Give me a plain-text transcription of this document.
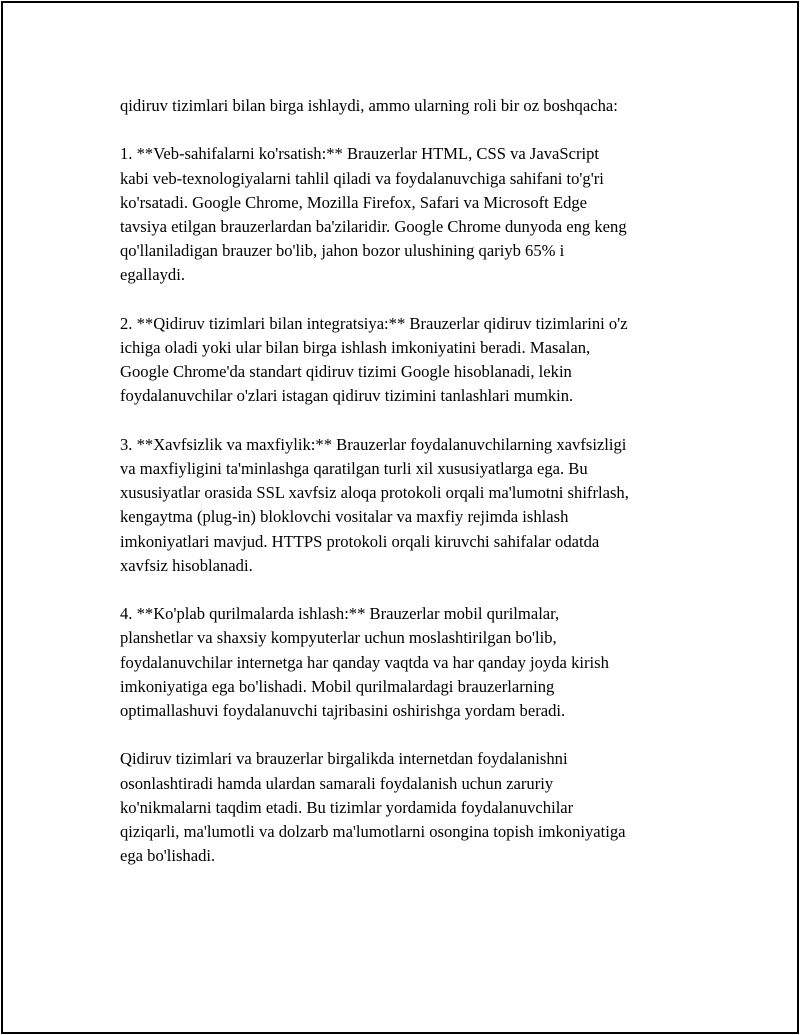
qidiruv tizimlari bilan birga ishlaydi, ammo ularning roli bir oz boshqacha:

1. **Veb-sahifalarni ko'rsatish:** Brauzerlar HTML, CSS va JavaScript
kabi veb-texnologiyalarni tahlil qiladi va foydalanuvchiga sahifani to'g'ri
ko'rsatadi. Google Chrome, Mozilla Firefox, Safari va Microsoft Edge
tavsiya etilgan brauzerlardan ba'zilaridir. Google Chrome dunyoda eng keng
qo'llaniladigan brauzer bo'lib, jahon bozor ulushining qariyb 65% i
egallaydi.

2. **Qidiruv tizimlari bilan integratsiya:** Brauzerlar qidiruv tizimlarini o'z
ichiga oladi yoki ular bilan birga ishlash imkoniyatini beradi. Masalan,
Google Chrome'da standart qidiruv tizimi Google hisoblanadi, lekin
foydalanuvchilar o'zlari istagan qidiruv tizimini tanlashlari mumkin.

3. **Xavfsizlik va maxfiylik:** Brauzerlar foydalanuvchilarning xavfsizligi
va maxfiyligini ta'minlashga qaratilgan turli xil xususiyatlarga ega. Bu
xususiyatlar orasida SSL xavfsiz aloqa protokoli orqali ma'lumotni shifrlash,
kengaytma (plug-in) bloklovchi vositalar va maxfiy rejimda ishlash
imkoniyatlari mavjud. HTTPS protokoli orqali kiruvchi sahifalar odatda
xavfsiz hisoblanadi.

4. **Ko'plab qurilmalarda ishlash:** Brauzerlar mobil qurilmalar,
planshetlar va shaxsiy kompyuterlar uchun moslashtirilgan bo'lib,
foydalanuvchilar internetga har qanday vaqtda va har qanday joyda kirish
imkoniyatiga ega bo'lishadi. Mobil qurilmalardagi brauzerlarning
optimallashuvi foydalanuvchi tajribasini oshirishga yordam beradi.

Qidiruv tizimlari va brauzerlar birgalikda internetdan foydalanishni
osonlashtiradi hamda ulardan samarali foydalanish uchun zaruriy
ko'nikmalarni taqdim etadi. Bu tizimlar yordamida foydalanuvchilar
qiziqarli, ma'lumotli va dolzarb ma'lumotlarni osongina topish imkoniyatiga
ega bo'lishadi.
